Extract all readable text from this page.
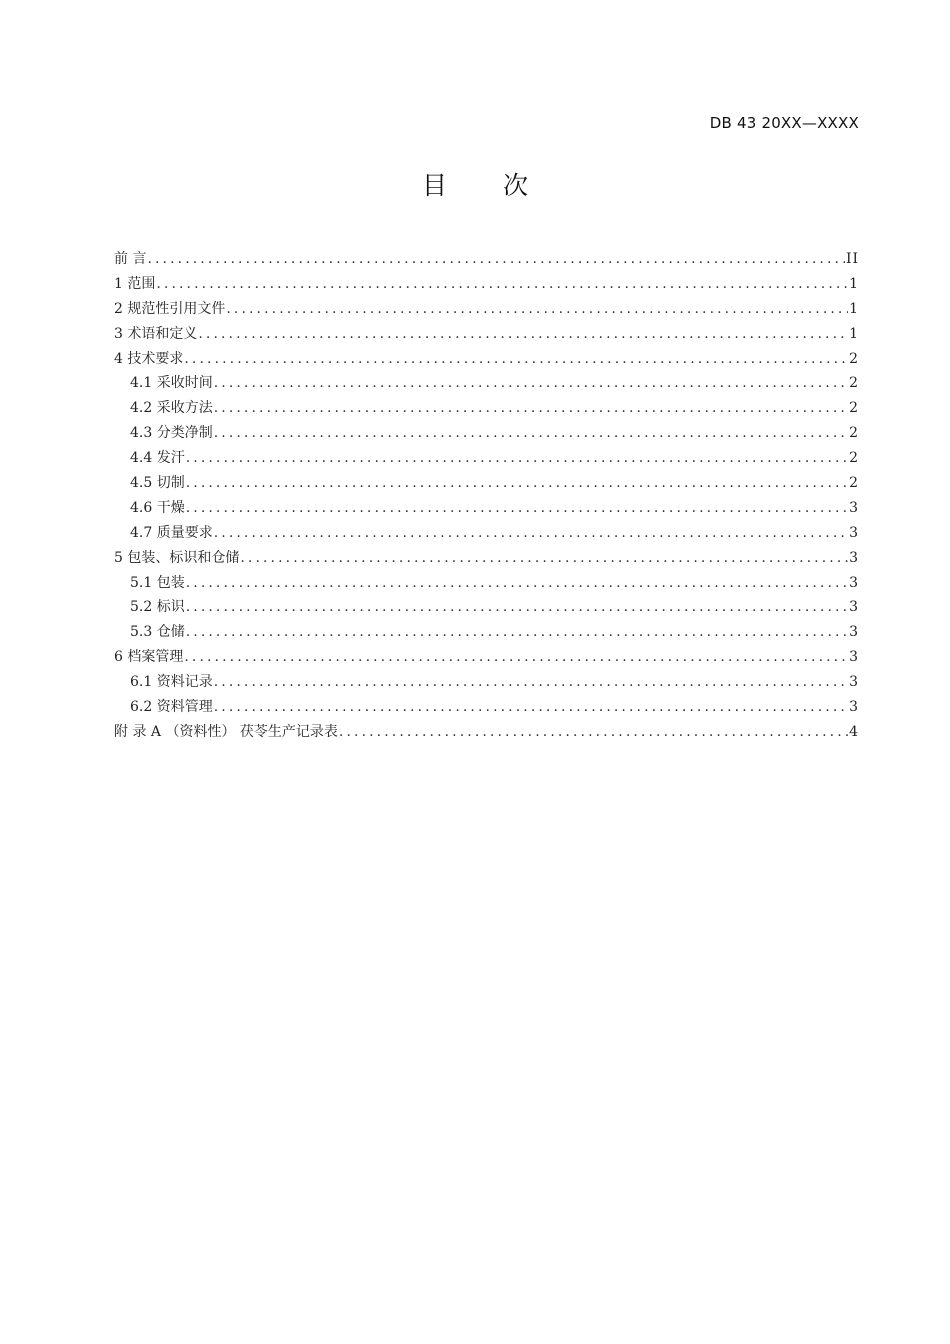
DB 43 20XX—XXXX
目 次
前 言 .....	II
1 范围 .....	1
2 规范性引用文件 .....	1
3 术语和定义 .....	1
4 技术要求 .....	2
4.1 采收时间 .....	2
4.2 采收方法 .....	2
4.3 分类净制 .....	2
4.4 发汗 .....	2
4.5 切制 .....	2
4.6 干燥 .....	3
4.7 质量要求 .....	3
5 包装、标识和仓储 .....	3
5.1 包装 .....	3
5.2 标识 .....	3
5.3 仓储 .....	3
6 档案管理 .....	3
6.1 资料记录 .....	3
6.2 资料管理 .....	3
附 录 A （资料性） 茯苓生产记录表 .....	4
